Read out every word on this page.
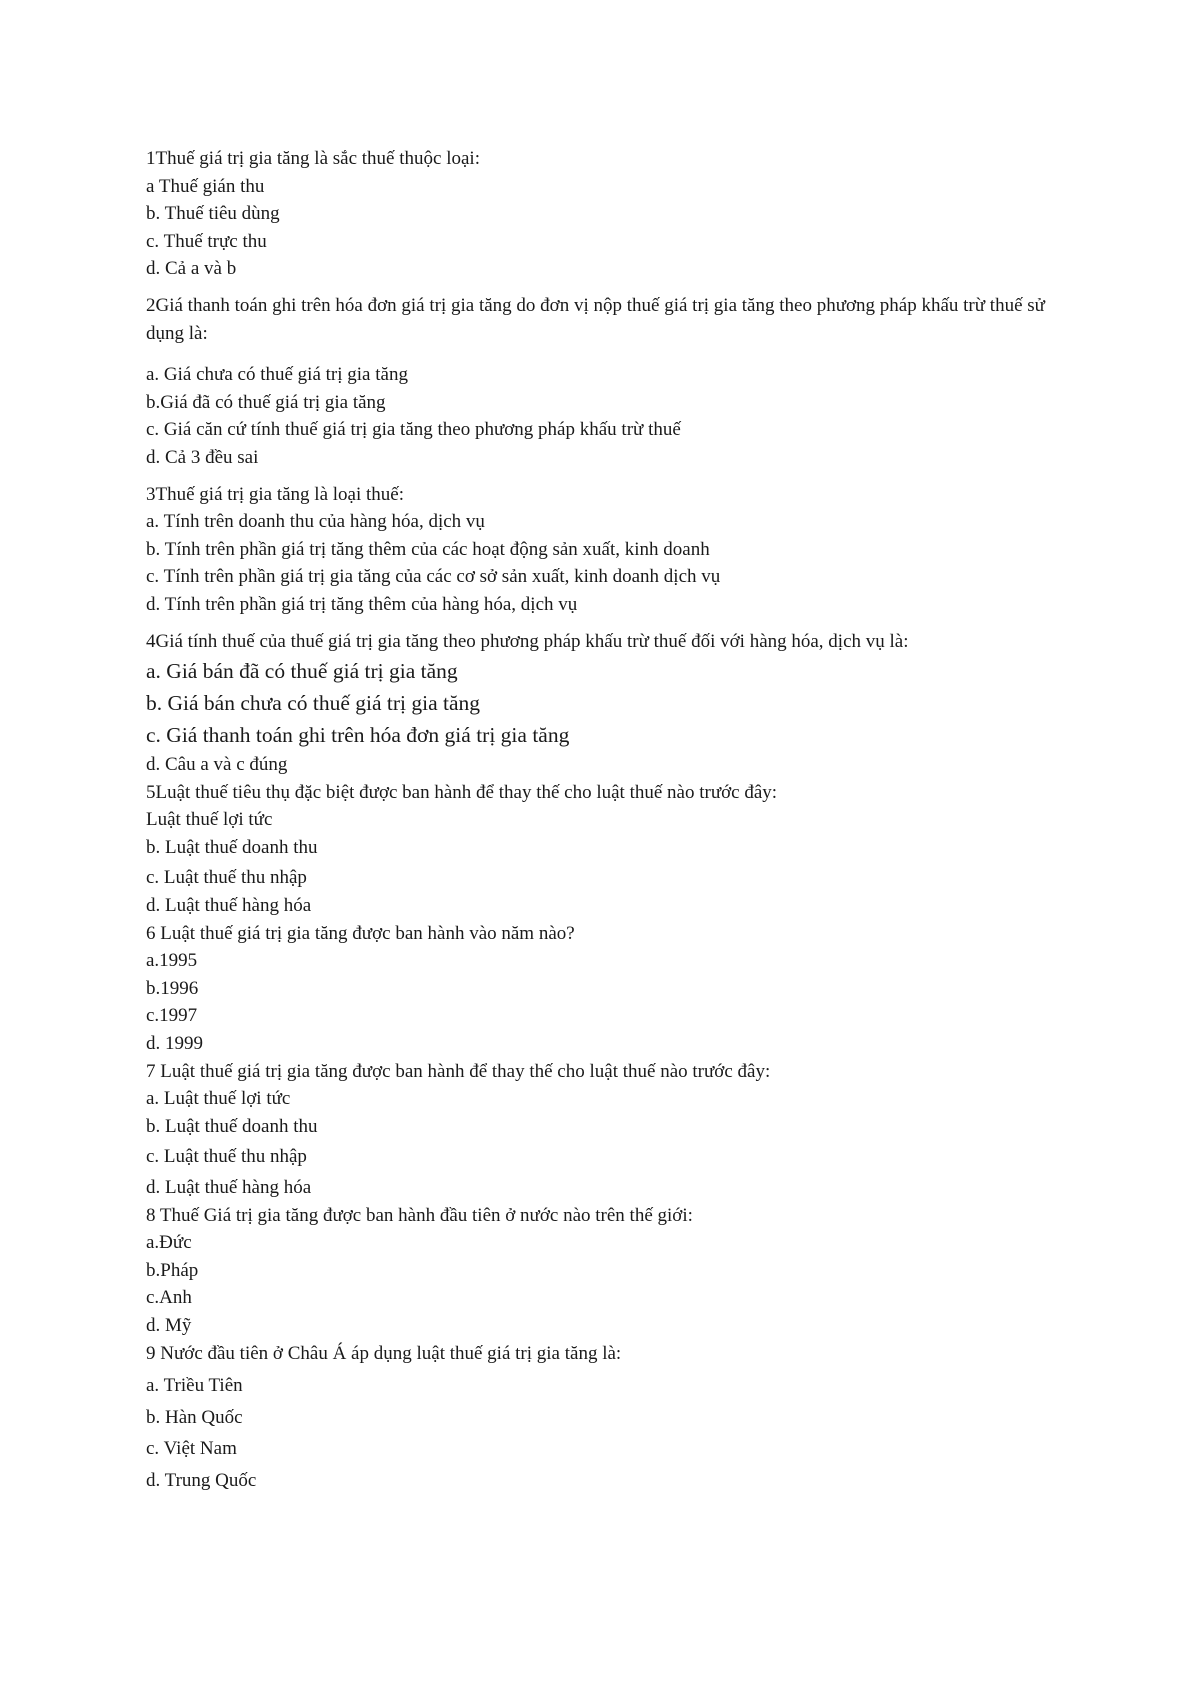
1Thuế giá trị gia tăng là sắc thuế thuộc loại:
a Thuế gián thu
b. Thuế tiêu dùng
c. Thuế trực thu
d. Cả a và b
2Giá thanh toán ghi trên hóa đơn giá trị gia tăng do đơn vị nộp thuế giá trị gia tăng theo phương pháp khấu trừ thuế sử dụng là:
a. Giá chưa có thuế giá trị gia tăng
b.Giá đã có thuế giá trị gia tăng
c. Giá căn cứ tính thuế giá trị gia tăng theo phương pháp khấu trừ thuế
d. Cả 3 đều sai
3Thuế giá trị gia tăng là loại thuế:
a. Tính trên doanh thu của hàng hóa, dịch vụ
b. Tính trên phần giá trị tăng thêm của các hoạt động sản xuất, kinh doanh
c. Tính trên phần giá trị gia tăng của các cơ sở sản xuất, kinh doanh dịch vụ
d. Tính trên phần giá trị tăng thêm của hàng hóa, dịch vụ
4Giá tính thuế của thuế giá trị gia tăng theo phương pháp khấu trừ thuế đối với hàng hóa, dịch vụ là:
a. Giá bán đã có thuế giá trị gia tăng
b. Giá bán chưa có thuế giá trị gia tăng
c. Giá thanh toán ghi trên hóa đơn giá trị gia tăng
d. Câu a và c đúng
5Luật thuế tiêu thụ đặc biệt được ban hành để thay thế cho luật thuế nào trước đây:
Luật thuế lợi tức
b. Luật thuế doanh thu
c. Luật thuế thu nhập
d. Luật thuế hàng hóa
6 Luật thuế giá trị gia tăng được ban hành vào năm nào?
a.1995
b.1996
c.1997
d. 1999
7 Luật thuế giá trị gia tăng được ban hành để thay thế cho luật thuế nào trước đây:
a. Luật thuế lợi tức
b. Luật thuế doanh thu
c. Luật thuế thu nhập
d. Luật thuế hàng hóa
8 Thuế Giá trị gia tăng được ban hành đầu tiên ở nước nào trên thế giới:
a.Đức
b.Pháp
c.Anh
d. Mỹ
9 Nước đầu tiên ở Châu Á áp dụng luật thuế giá trị gia tăng là:
a. Triều Tiên
b. Hàn Quốc
c. Việt Nam
d. Trung Quốc
